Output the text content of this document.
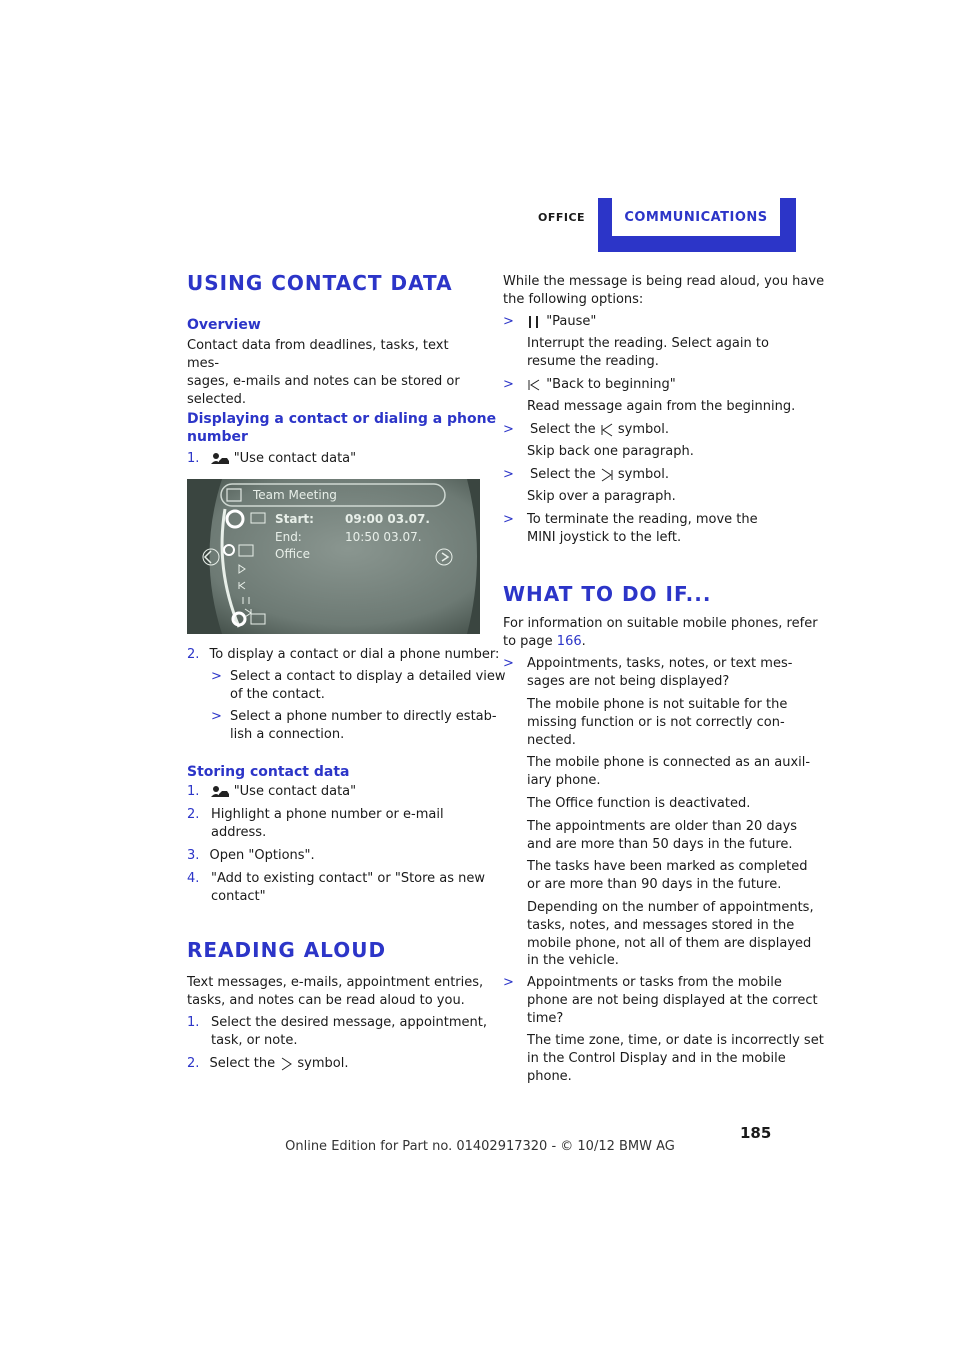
OFFICE	COMMUNICATIONS
USING CONTACT DATA
Overview
Contact data from deadlines, tasks, text mes-
sages, e-mails and notes can be stored or
selected.
Displaying a contact or dialing a phone
number
1.	"Use contact data"
Team Meeting
Start:	09:00 03.07.
End:	10:50 03.07.
Office
2. To display a contact or dial a phone number:
> Select a contact to display a detailed view
of the contact.
> Select a phone number to directly estab-
lish a connection.
Storing contact data
1.	"Use contact data"
2. Highlight a phone number or e-mail
address.
3. Open "Options".
4. "Add to existing contact" or "Store as new
contact"
READING ALOUD
Text messages, e-mails, appointment entries,
tasks, and notes can be read aloud to you.
1. Select the desired message, appointment,
task, or note.
2. Select the symbol.
While the message is being read aloud, you have
the following options:
> "Pause"
Interrupt the reading. Select again to
resume the reading.
> "Back to beginning"
Read message again from the beginning.
> Select the symbol.
Skip back one paragraph.
> Select the symbol.
Skip over a paragraph.
> To terminate the reading, move the
MINI joystick to the left.
WHAT TO DO IF...
For information on suitable mobile phones, refer
to page 166.
> Appointments, tasks, notes, or text mes-
sages are not being displayed?
The mobile phone is not suitable for the
missing function or is not correctly con-
nected.
The mobile phone is connected as an auxil-
iary phone.
The Office function is deactivated.
The appointments are older than 20 days
and are more than 50 days in the future.
The tasks have been marked as completed
or are more than 90 days in the future.
Depending on the number of appointments,
tasks, notes, and messages stored in the
mobile phone, not all of them are displayed
in the vehicle.
> Appointments or tasks from the mobile
phone are not being displayed at the correct
time?
The time zone, time, or date is incorrectly set
in the Control Display and in the mobile
phone.
185
Online Edition for Part no. 01402917320 - © 10/12 BMW AG
